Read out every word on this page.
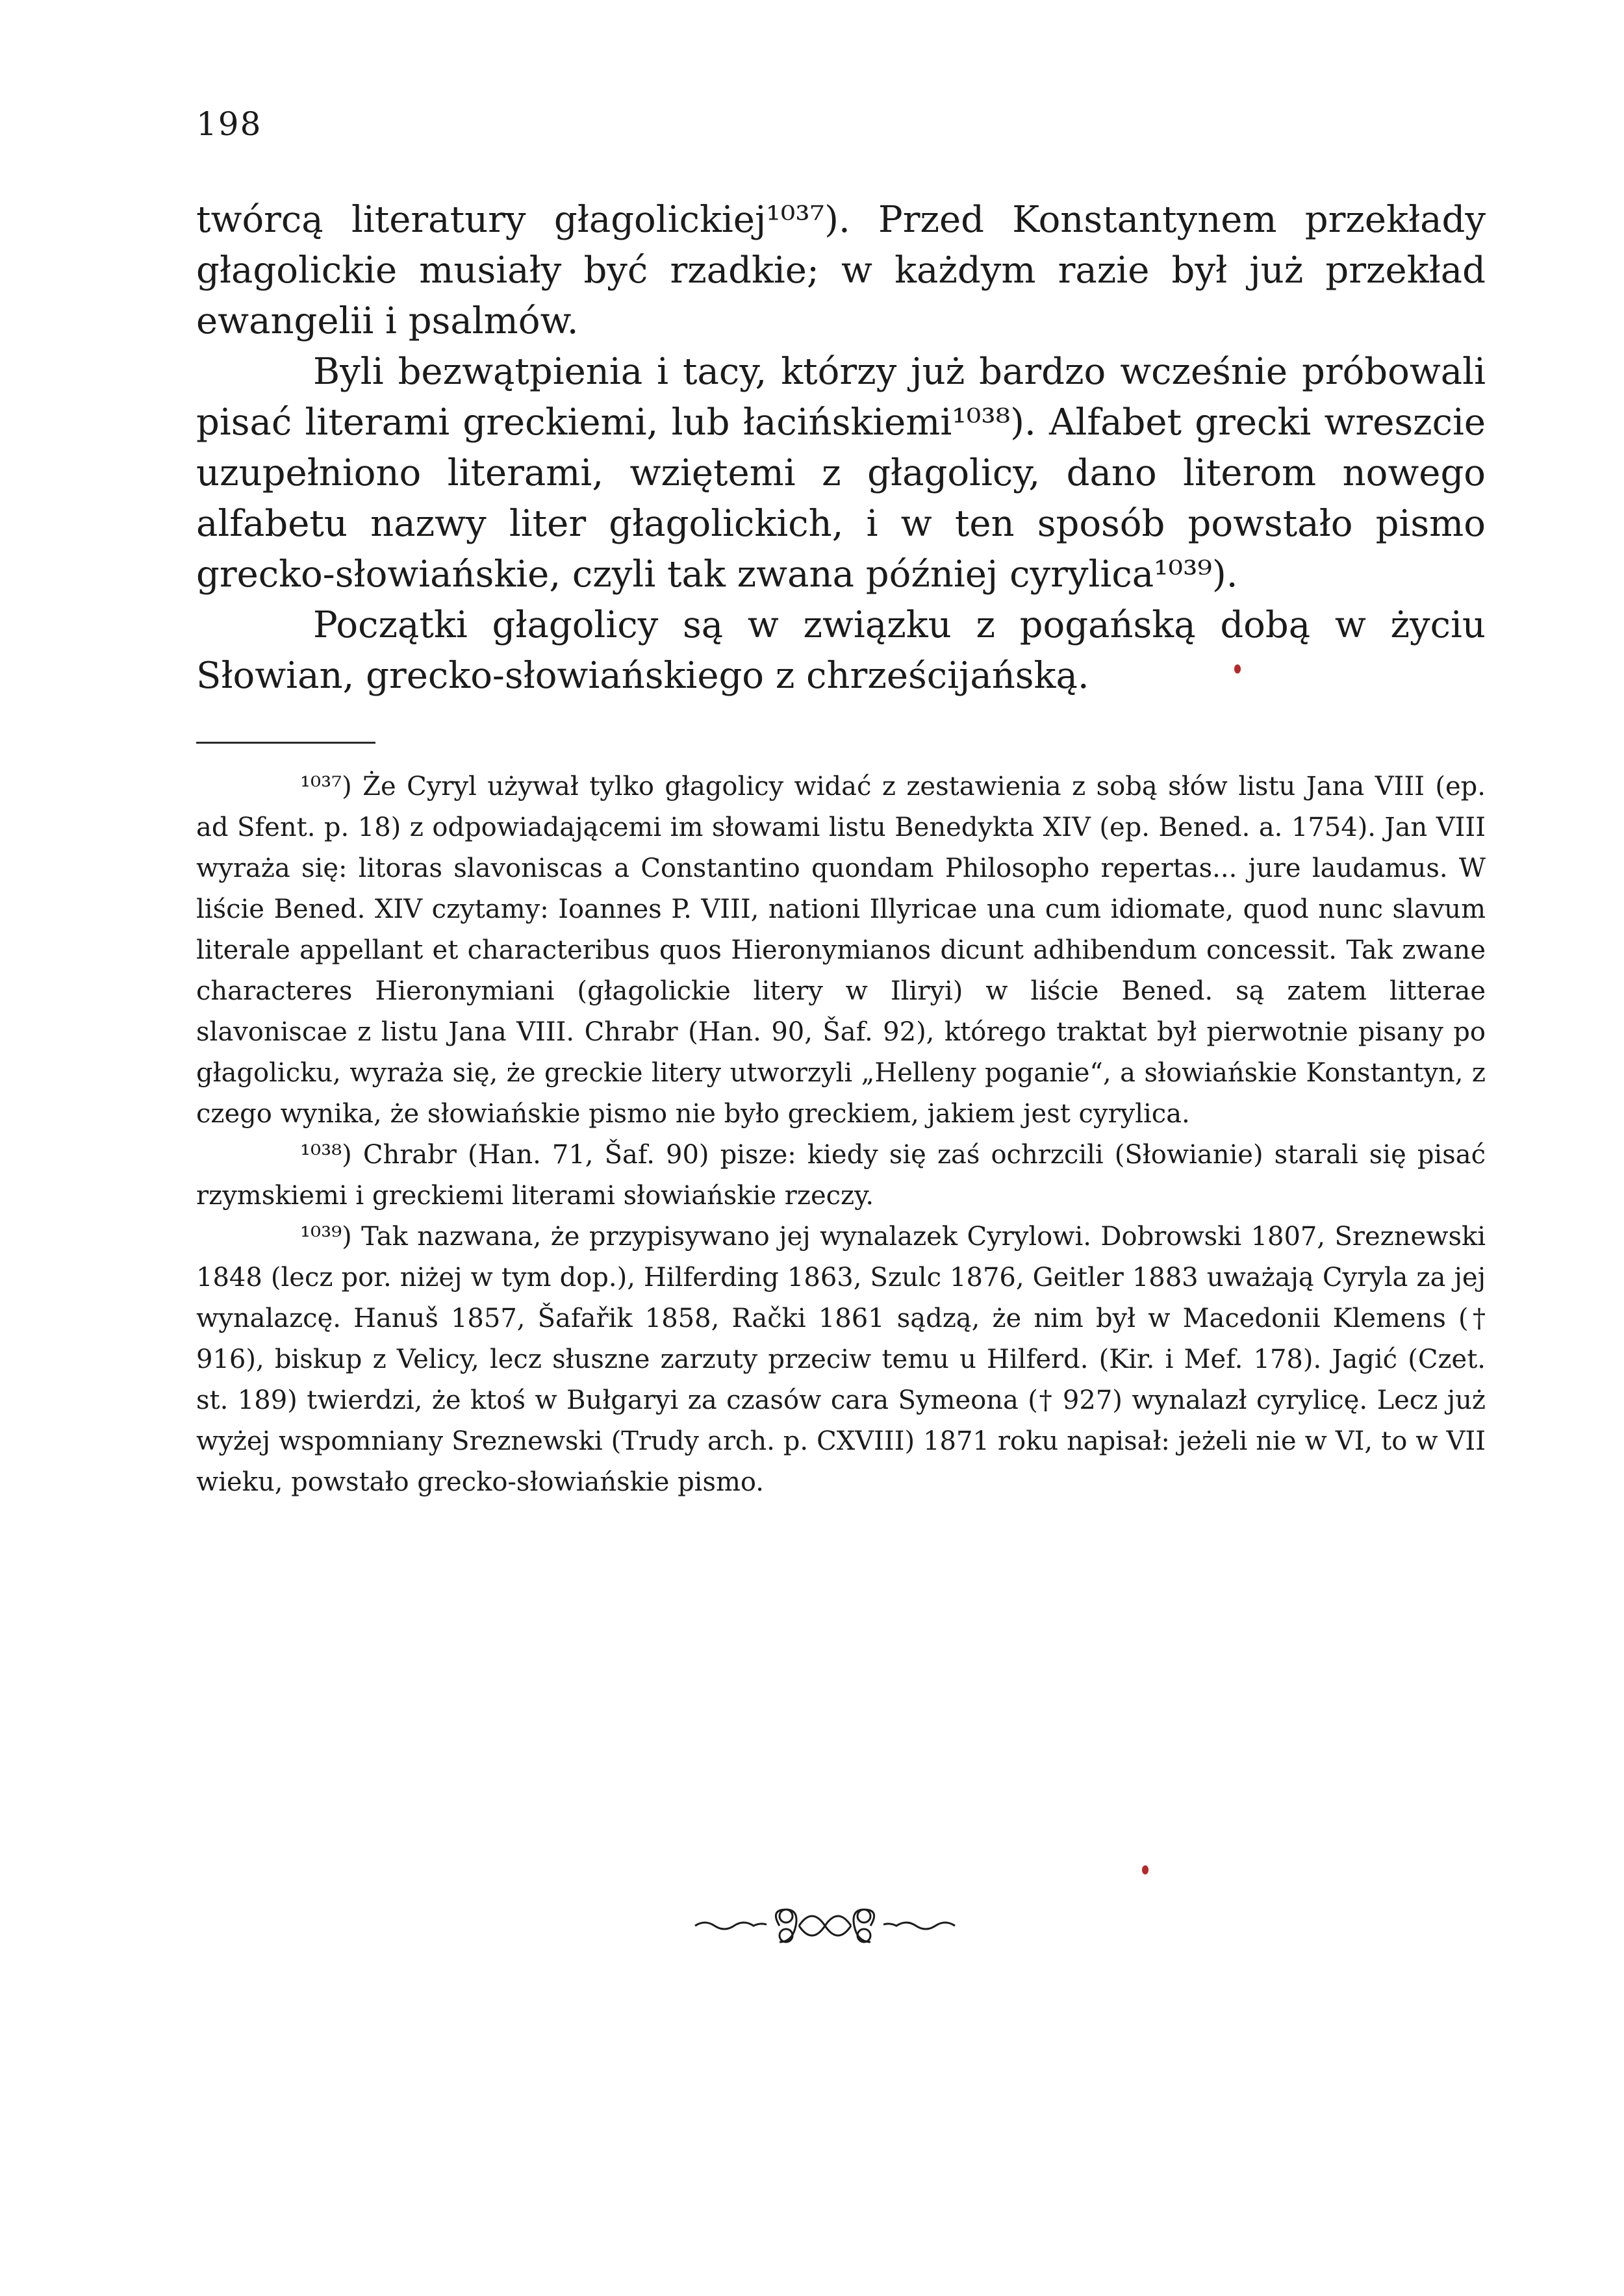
198

twórcą literatury głagolickiej¹⁰³⁷). Przed Konstantynem przekłady głagolickie musiały być rzadkie; w każdym razie był już przekład ewangelii i psalmów.

Byli bezwątpienia i tacy, którzy już bardzo wcześnie próbowali pisać literami greckiemi, lub łacińskiemi¹⁰³⁸). Alfabet grecki wreszcie uzupełniono literami, wziętemi z głagolicy, dano literom nowego alfabetu nazwy liter głagolickich, i w ten sposób powstało pismo grecko-słowiańskie, czyli tak zwana później cyrylica¹⁰³⁹).

Początki głagolicy są w związku z pogańską dobą w życiu Słowian, grecko-słowiańskiego z chrześcijańską.

¹⁰³⁷) Że Cyryl używał tylko głagolicy widać z zestawienia z sobą słów listu Jana VIII (ep. ad Sfent. p. 18) z odpowiadającemi im słowami listu Benedykta XIV (ep. Bened. a. 1754). Jan VIII wyraża się: litoras slavoniscas a Constantino quondam Philosopho repertas... jure laudamus. W liście Bened. XIV czytamy: Ioannes P. VIII, nationi Illyricae una cum idiomate, quod nunc slavum literale appellant et characteribus quos Hieronymianos dicunt adhibendum concessit. Tak zwane characteres Hieronymiani (głagolickie litery w Iliryi) w liście Bened. są zatem litterae slavoniscae z listu Jana VIII. Chrabr (Han. 90, Šaf. 92), którego traktat był pierwotnie pisany po głagolicku, wyraża się, że greckie litery utworzyli „Helleny poganie“, a słowiańskie Konstantyn, z czego wynika, że słowiańskie pismo nie było greckiem, jakiem jest cyrylica.

¹⁰³⁸) Chrabr (Han. 71, Šaf. 90) pisze: kiedy się zaś ochrzcili (Słowianie) starali się pisać rzymskiemi i greckiemi literami słowiańskie rzeczy.

¹⁰³⁹) Tak nazwana, że przypisywano jej wynalazek Cyrylowi. Dobrowski 1807, Sreznewski 1848 (lecz por. niżej w tym dop.), Hilferding 1863, Szulc 1876, Geitler 1883 uważają Cyryla za jej wynalazcę. Hanuš 1857, Šafařik 1858, Rački 1861 sądzą, że nim był w Macedonii Klemens († 916), biskup z Velicy, lecz słuszne zarzuty przeciw temu u Hilferd. (Kir. i Mef. 178). Jagić (Czet. st. 189) twierdzi, że ktoś w Bułgaryi za czasów cara Symeona († 927) wynalazł cyrylicę. Lecz już wyżej wspomniany Sreznewski (Trudy arch. p. CXVIII) 1871 roku napisał: jeżeli nie w VI, to w VII wieku, powstało grecko-słowiańskie pismo.
